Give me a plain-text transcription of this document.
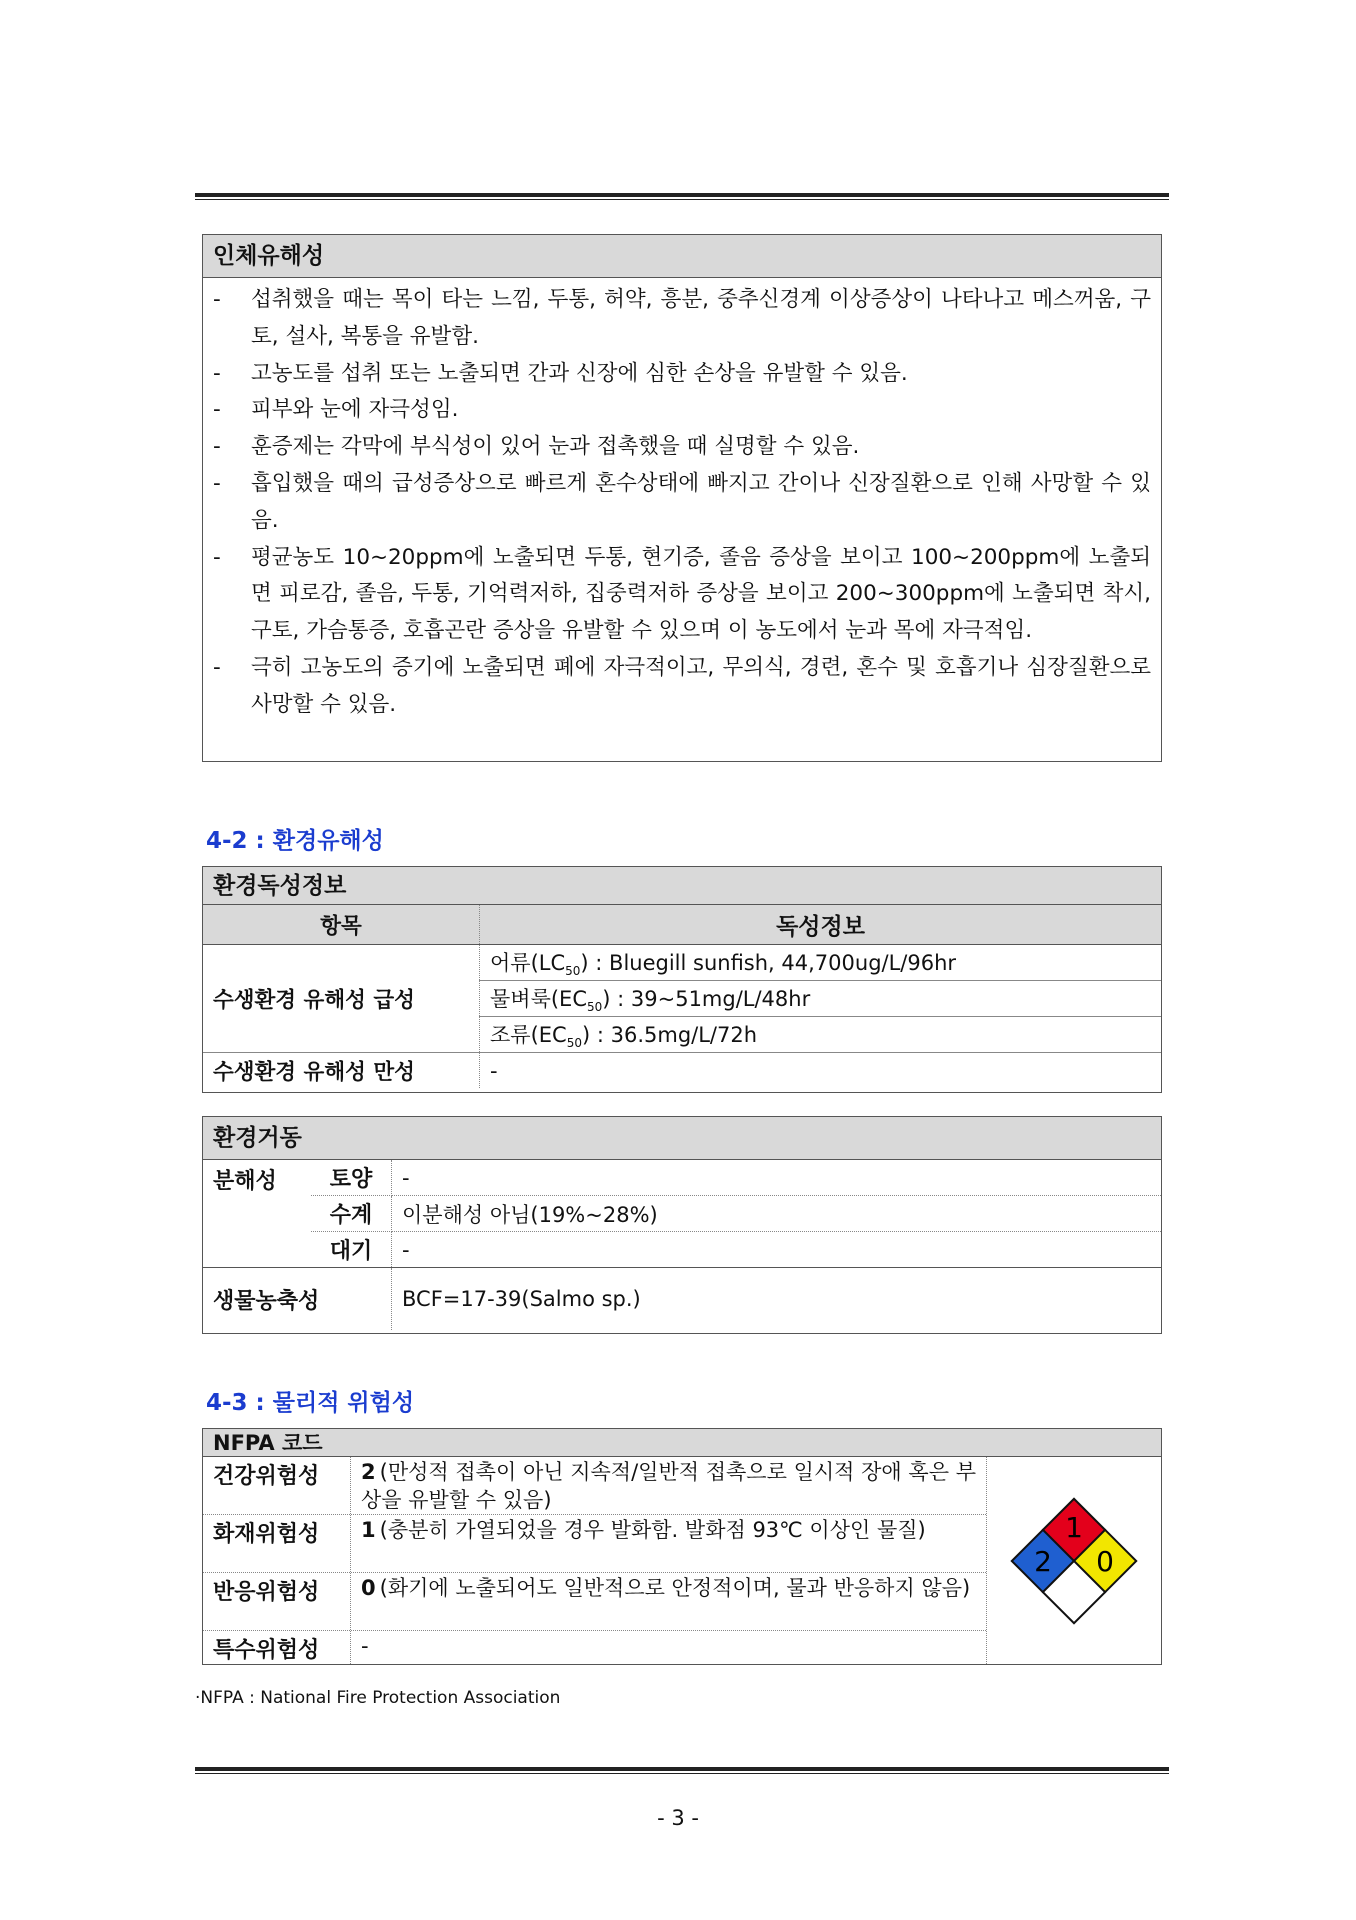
인체유해성
- 섭취했을 때는 목이 타는 느낌, 두통, 허약, 흥분, 중추신경계 이상증상이 나타나고 메스꺼움, 구토, 설사, 복통을 유발함.
- 고농도를 섭취 또는 노출되면 간과 신장에 심한 손상을 유발할 수 있음.
- 피부와 눈에 자극성임.
- 훈증제는 각막에 부식성이 있어 눈과 접촉했을 때 실명할 수 있음.
- 흡입했을 때의 급성증상으로 빠르게 혼수상태에 빠지고 간이나 신장질환으로 인해 사망할 수 있음.
- 평균농도 10~20ppm에 노출되면 두통, 현기증, 졸음 증상을 보이고 100~200ppm에 노출되면 피로감, 졸음, 두통, 기억력저하, 집중력저하 증상을 보이고 200~300ppm에 노출되면 착시, 구토, 가슴통증, 호흡곤란 증상을 유발할 수 있으며 이 농도에서 눈과 목에 자극적임.
- 극히 고농도의 증기에 노출되면 폐에 자극적이고, 무의식, 경련, 혼수 및 호흡기나 심장질환으로 사망할 수 있음.
4-2 : 환경유해성
환경독성정보
항목	독성정보
수생환경 유해성 급성	어류$(LC_{50})$ : Bluegill sunfish, 44,700ug/L/96hr
	물벼룩$(EC_{50})$ : 39~51mg/L/48hr
	조류$(EC_{50})$ : 36.5mg/L/72h
수생환경 유해성 만성	-
환경거동
분해성	토양	-
	수계	이분해성 아님(19%~28%)
	대기	-
생물농축성		BCF=17-39(Salmo sp.)
4-3 : 물리적 위험성
NFPA 코드
건강위험성	2 (만성적 접촉이 아닌 지속적/일반적 접촉으로 일시적 장애 혹은 부상을 유발할 수 있음)
화재위험성	1 (충분히 가열되었을 경우 발화함. 발화점 93℃ 이상인 물질)
반응위험성	0 (화기에 노출되어도 일반적으로 안정적이며, 물과 반응하지 않음)
특수위험성	-
1
2 0
·NFPA : National Fire Protection Association
- 3 -
